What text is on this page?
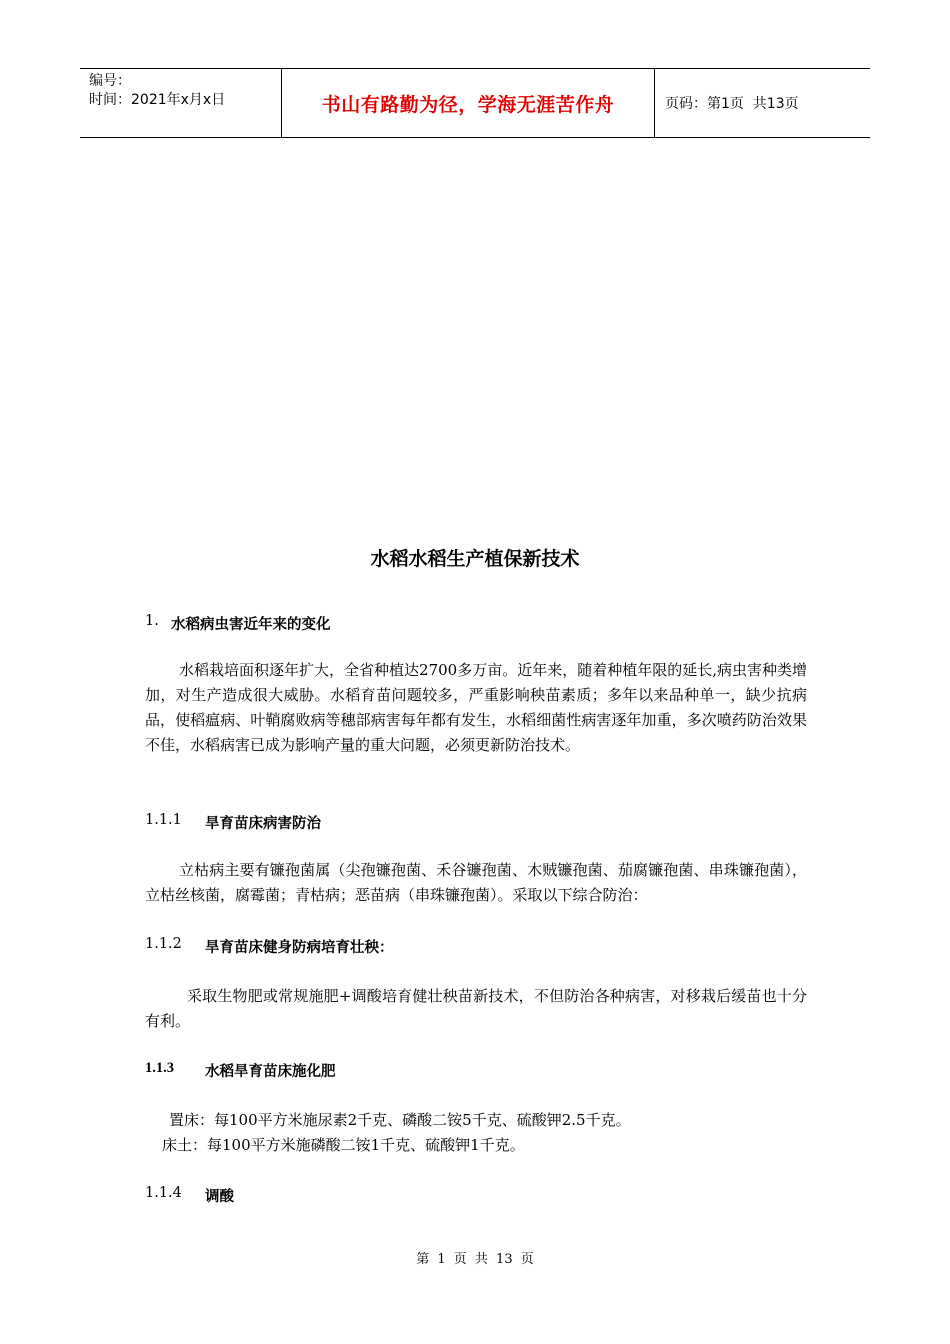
编号：
时间：2021年x月x日	书山有路勤为径，学海无涯苦作舟	页码：第1页  共13页
水稻水稻生产植保新技术
1. 水稻病虫害近年来的变化
水稻栽培面积逐年扩大，全省种植达2700多万亩。近年来，随着种植年限的延长,病虫害种类增加，对生产造成很大威胁。水稻育苗问题较多，严重影响秧苗素质；多年以来品种单一，缺少抗病品，使稻瘟病、叶鞘腐败病等穗部病害每年都有发生，水稻细菌性病害逐年加重，多次喷药防治效果不佳，水稻病害已成为影响产量的重大问题，必须更新防治技术。
1.1.1	旱育苗床病害防治
立枯病主要有镰孢菌属（尖孢镰孢菌、禾谷镰孢菌、木贼镰孢菌、茄腐镰孢菌、串珠镰孢菌），立枯丝核菌，腐霉菌；青枯病；恶苗病（串珠镰孢菌）。采取以下综合防治：
1.1.2	旱育苗床健身防病培育壮秧：
采取生物肥或常规施肥+调酸培育健壮秧苗新技术，不但防治各种病害，对移栽后缓苗也十分有利。
1.1.3	水稻旱育苗床施化肥
置床：每100平方米施尿素2千克、磷酸二铵5千克、硫酸钾2.5千克。
床土：每100平方米施磷酸二铵1千克、硫酸钾1千克。
1.1.4	调酸
第 1 页 共 13 页
